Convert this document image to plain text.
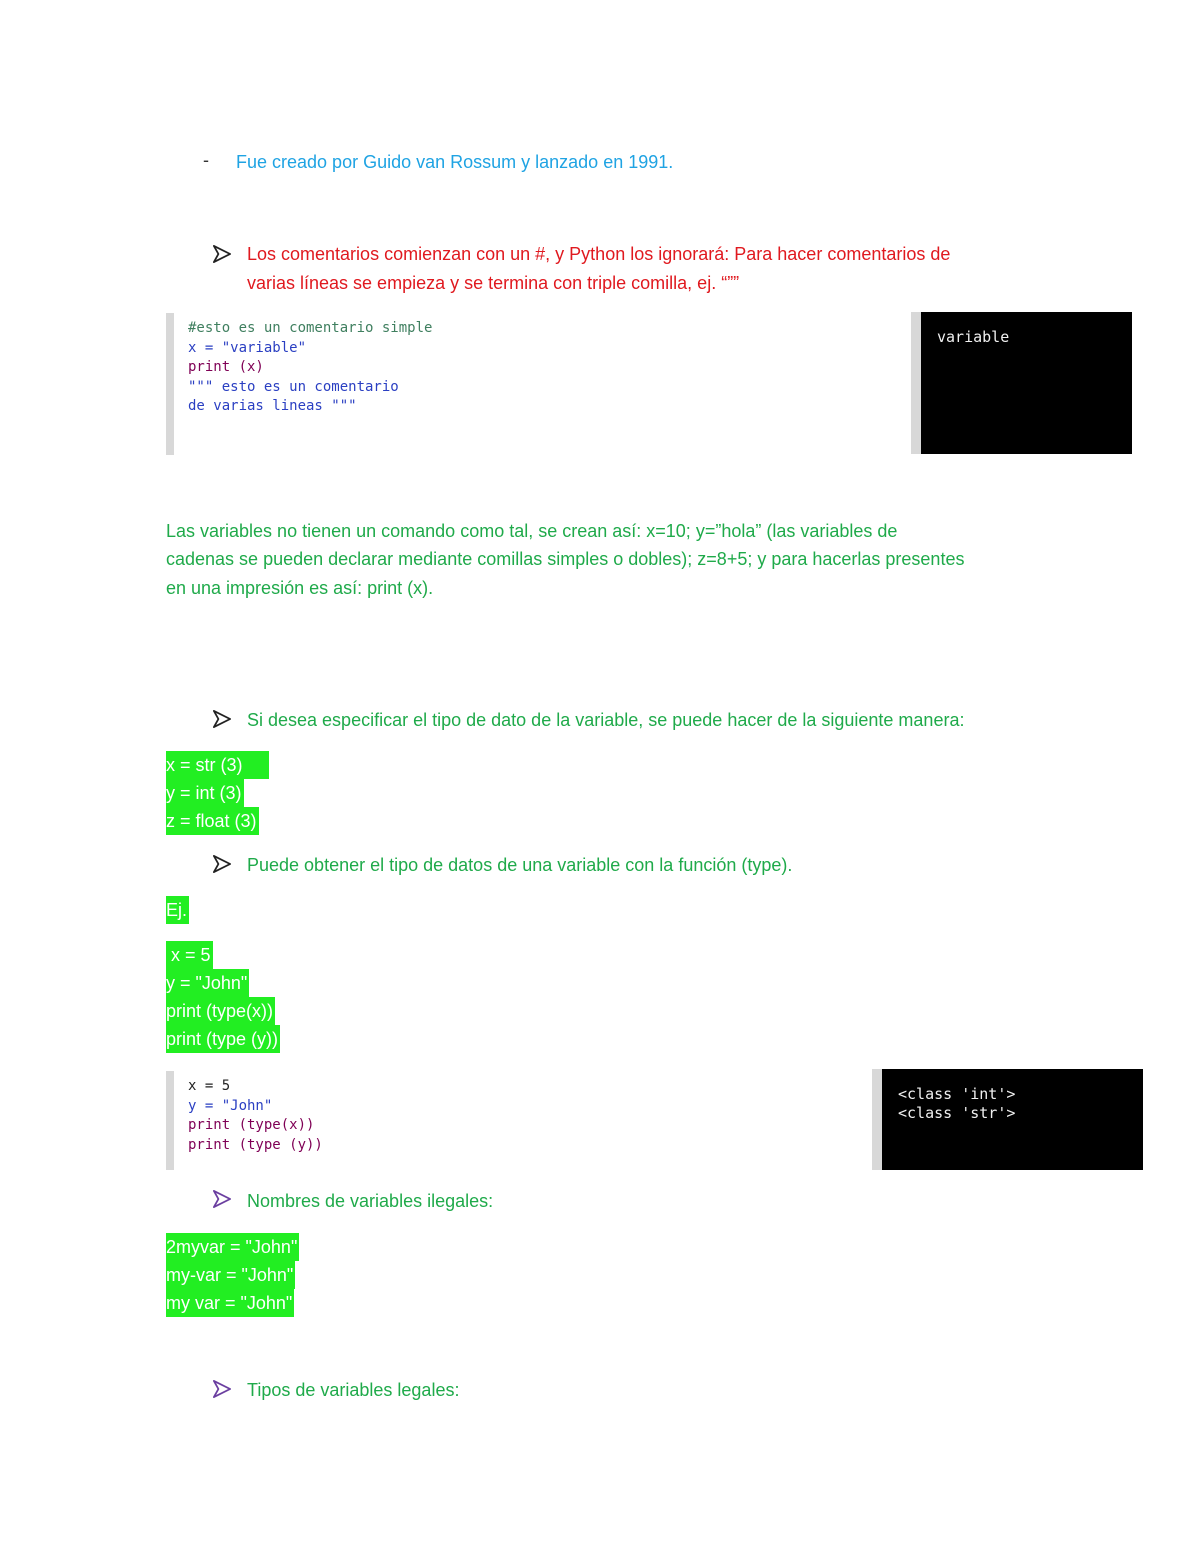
- Fue creado por Guido van Rossum y lanzado en 1991.
Los comentarios comienzan con un #, y Python los ignorará: Para hacer comentarios de
varias líneas se empieza y se termina con triple comilla, ej. “””
#esto es un comentario simple
x = "variable"
print (x)
""" esto es un comentario
de varias lineas """
variable
Las variables no tienen un comando como tal, se crean así: x=10; y=”hola” (las variables de
cadenas se pueden declarar mediante comillas simples o dobles); z=8+5; y para hacerlas presentes
en una impresión es así: print (x).
Si desea especificar el tipo de dato de la variable, se puede hacer de la siguiente manera:
x = str (3)
y = int (3)
z = float (3)
Puede obtener el tipo de datos de una variable con la función (type).
Ej.
x = 5
y = "John"
print (type(x))
print (type (y))
x = 5
y = "John"
print (type(x))
print (type (y))
<class 'int'>
<class 'str'>
Nombres de variables ilegales:
2myvar = "John"
my-var = "John"
my var = "John"
Tipos de variables legales:
